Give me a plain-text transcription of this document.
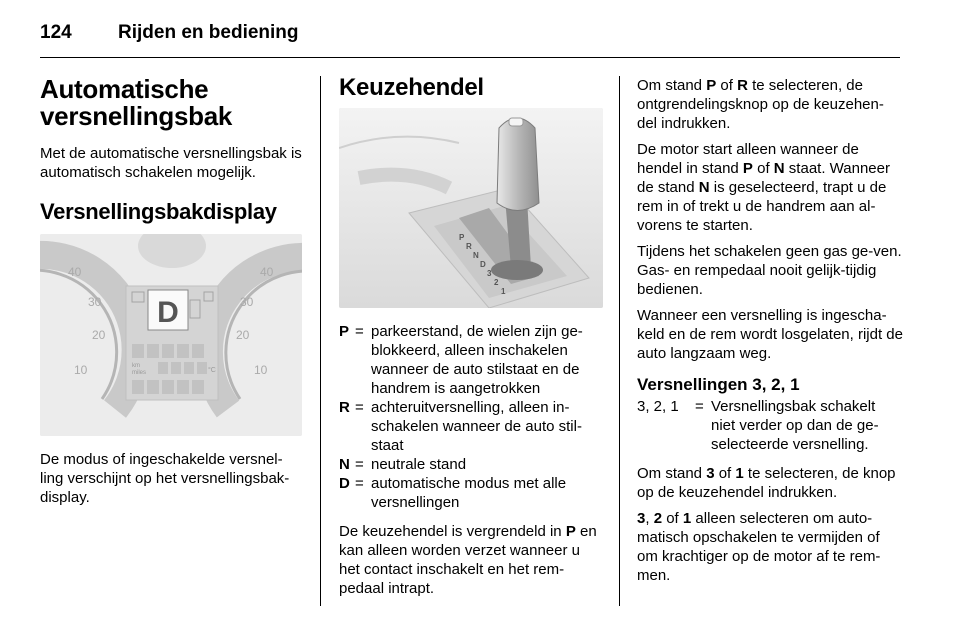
124 Rijden en bediening
Automatische versnellingsbak

Met de automatische versnellingsbak is automatisch schakelen mogelijk.

Versnellingsbakdisplay
40
30
20
10
40
30
20
10
D
km
miles	°C

De modus of ingeschakelde versnel-ling verschijnt op het versnellingsbak-display.

Keuzehendel
P
R
N
D
3
2
1
P = parkeerstand, de wielen zijn ge-blokkeerd, alleen inschakelen wanneer de auto stilstaat en de handrem is aangetrokken
R = achteruitversnelling, alleen in-schakelen wanneer de auto stil-staat
N = neutrale stand
D = automatische modus met alle versnellingen

De keuzehendel is vergrendeld in P en kan alleen worden verzet wanneer u het contact inschakelt en het rem-pedaal intrapt.

Om stand P of R te selecteren, de ontgrendelingsknop op de keuzehen-del indrukken.

De motor start alleen wanneer de hendel in stand P of N staat. Wanneer de stand N is geselecteerd, trapt u de rem in of trekt u de handrem aan al-vorens te starten.

Tijdens het schakelen geen gas ge-ven. Gas- en rempedaal nooit gelijk-tijdig bedienen.

Wanneer een versnelling is ingescha-keld en de rem wordt losgelaten, rijdt de auto langzaam weg.

Versnellingen 3, 2, 1
3, 2, 1	= Versnellingsbak schakelt niet verder op dan de ge-selecteerde versnelling.

Om stand 3 of 1 te selecteren, de knop op de keuzehendel indrukken.

3, 2 of 1 alleen selecteren om auto-matisch opschakelen te vermijden of om krachtiger op de motor af te rem-men.
